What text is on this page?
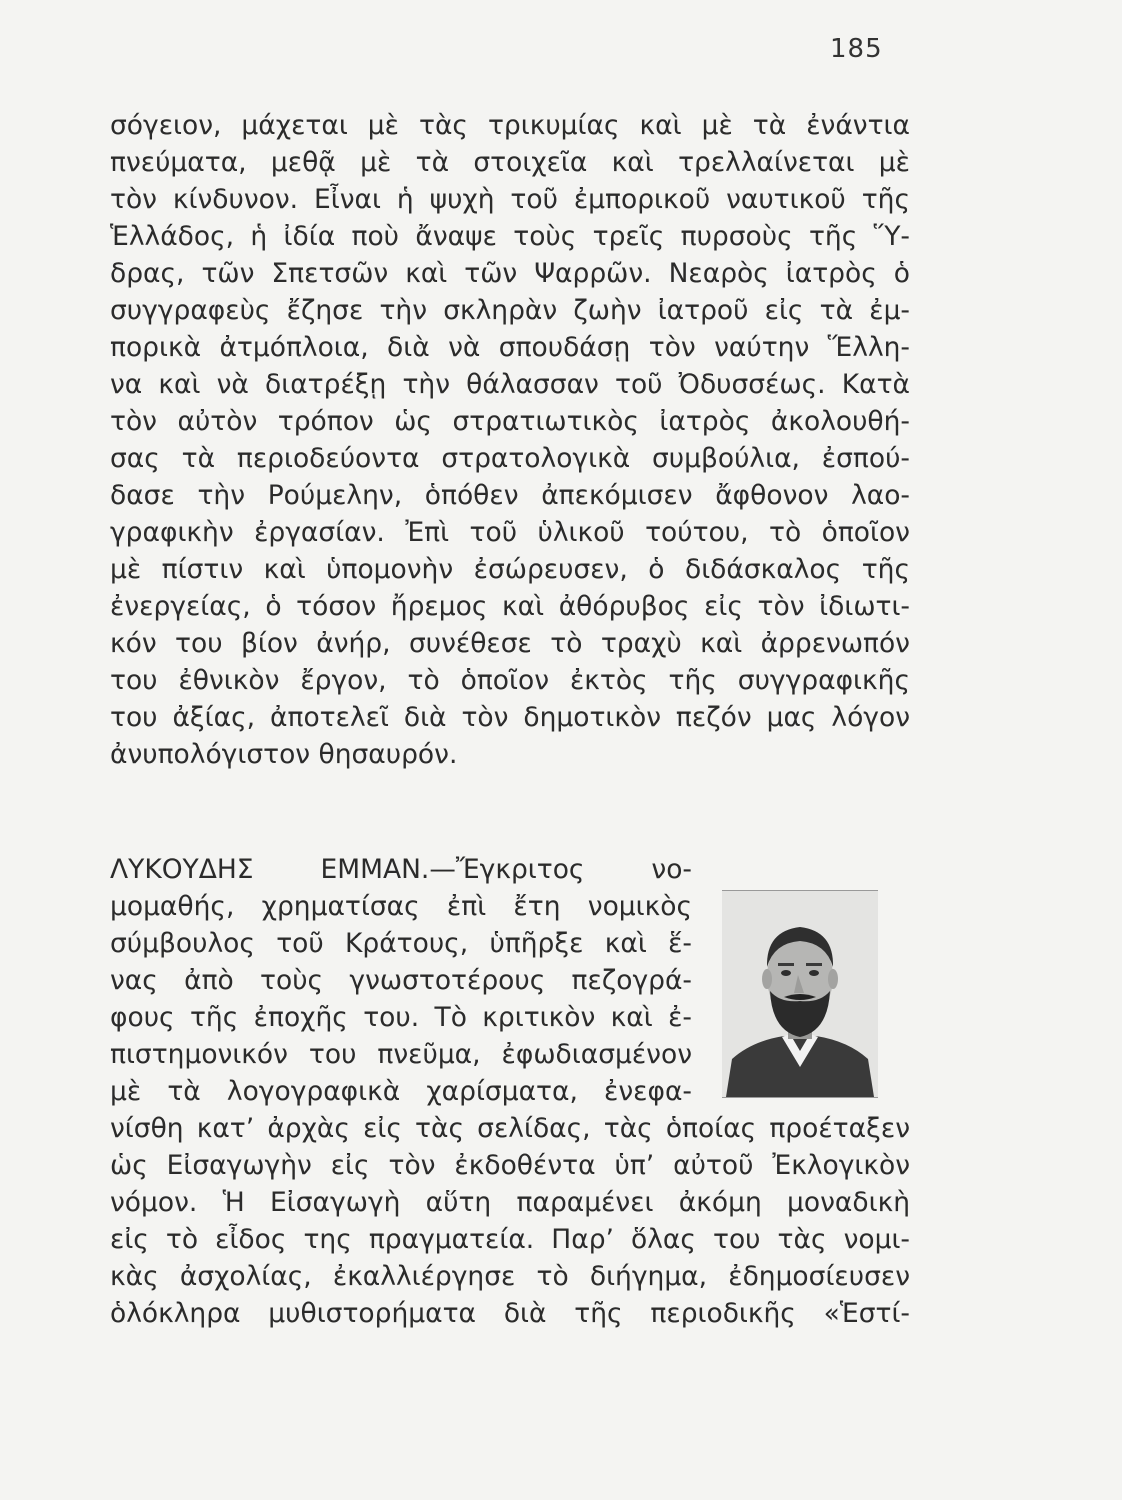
185
σόγειον, μάχεται μὲ τὰς τρικυμίας καὶ μὲ τὰ ἐνάντια
πνεύματα, μεθᾷ μὲ τὰ στοιχεῖα καὶ τρελλαίνεται μὲ
τὸν κίνδυνον. Εἶναι ἡ ψυχὴ τοῦ ἐμπορικοῦ ναυτικοῦ τῆς
Ἑλλάδος, ἡ ἰδία ποὺ ἄναψε τοὺς τρεῖς πυρσοὺς τῆς Ὕ-
δρας, τῶν Σπετσῶν καὶ τῶν Ψαρρῶν. Νεαρὸς ἰατρὸς ὁ
συγγραφεὺς ἔζησε τὴν σκληρὰν ζωὴν ἰατροῦ εἰς τὰ ἐμ-
πορικὰ ἀτμόπλοια, διὰ νὰ σπουδάσῃ τὸν ναύτην Ἕλλη-
να καὶ νὰ διατρέξῃ τὴν θάλασσαν τοῦ Ὀδυσσέως. Κατὰ
τὸν αὐτὸν τρόπον ὡς στρατιωτικὸς ἰατρὸς ἀκολουθή-
σας τὰ περιοδεύοντα στρατολογικὰ συμβούλια, ἐσπού-
δασε τὴν Ρούμελην, ὁπόθεν ἀπεκόμισεν ἄφθονον λαο-
γραφικὴν ἐργασίαν. Ἐπὶ τοῦ ὑλικοῦ τούτου, τὸ ὁποῖον
μὲ πίστιν καὶ ὑπομονὴν ἐσώρευσεν, ὁ διδάσκαλος τῆς
ἐνεργείας, ὁ τόσον ἤρεμος καὶ ἀθόρυβος εἰς τὸν ἰδιωτι-
κόν του βίον ἀνήρ, συνέθεσε τὸ τραχὺ καὶ ἀρρενωπόν
του ἐθνικὸν ἔργον, τὸ ὁποῖον ἐκτὸς τῆς συγγραφικῆς
του ἀξίας, ἀποτελεῖ διὰ τὸν δημοτικὸν πεζόν μας λόγον
ἀνυπολόγιστον θησαυρόν.
ΛΥΚΟΥΔΗΣ ΕΜΜΑΝ.—Ἔγκριτος νο-
μομαθής, χρηματίσας ἐπὶ ἔτη νομικὸς
σύμβουλος τοῦ Κράτους, ὑπῆρξε καὶ ἕ-
νας ἀπὸ τοὺς γνωστοτέρους πεζογρά-
φους τῆς ἐποχῆς του. Τὸ κριτικὸν καὶ ἐ-
πιστημονικόν του πνεῦμα, ἐφωδιασμένον
μὲ τὰ λογογραφικὰ χαρίσματα, ἐνεφα-
νίσθη κατ’ ἀρχὰς εἰς τὰς σελίδας, τὰς ὁποίας προέταξεν
ὡς Εἰσαγωγὴν εἰς τὸν ἐκδοθέντα ὑπ’ αὐτοῦ Ἐκλογικὸν
νόμον. Ἡ Εἰσαγωγὴ αὕτη παραμένει ἀκόμη μοναδικὴ
εἰς τὸ εἶδος της πραγματεία. Παρ’ ὅλας του τὰς νομι-
κὰς ἀσχολίας, ἐκαλλιέργησε τὸ διήγημα, ἐδημοσίευσεν
ὁλόκληρα μυθιστορήματα διὰ τῆς περιοδικῆς «Ἑστί-
